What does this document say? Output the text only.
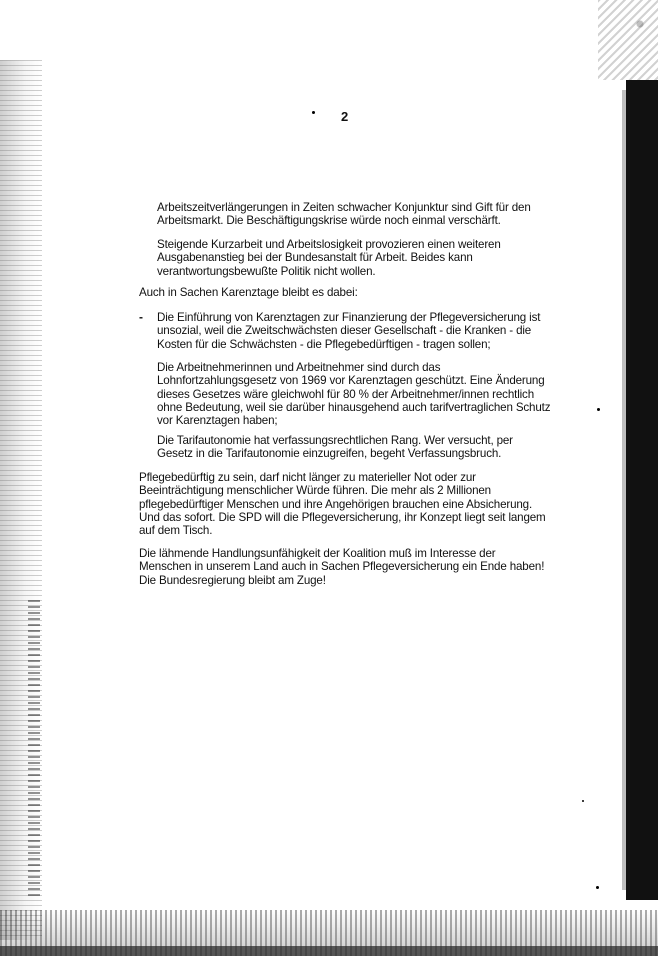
2

Arbeitszeitverlängerungen in Zeiten schwacher Konjunktur sind Gift für den Arbeitsmarkt. Die Beschäftigungskrise würde noch einmal verschärft.

Steigende Kurzarbeit und Arbeitslosigkeit provozieren einen weiteren Ausgabenanstieg bei der Bundesanstalt für Arbeit. Beides kann verantwortungsbewußte Politik nicht wollen.

Auch in Sachen Karenztage bleibt es dabei:

- Die Einführung von Karenztagen zur Finanzierung der Pflegeversicherung ist unsozial, weil die Zweitschwächsten dieser Gesellschaft - die Kranken - die Kosten für die Schwächsten - die Pflegebedürftigen - tragen sollen;

Die Arbeitnehmerinnen und Arbeitnehmer sind durch das Lohnfortzahlungsgesetz von 1969 vor Karenztagen geschützt. Eine Änderung dieses Gesetzes wäre gleichwohl für 80 % der Arbeitnehmer/innen rechtlich ohne Bedeutung, weil sie darüber hinausgehend auch tarifvertraglichen Schutz vor Karenztagen haben;

Die Tarifautonomie hat verfassungsrechtlichen Rang. Wer versucht, per Gesetz in die Tarifautonomie einzugreifen, begeht Verfassungsbruch.

Pflegebedürftig zu sein, darf nicht länger zu materieller Not oder zur Beeinträchtigung menschlicher Würde führen. Die mehr als 2 Millionen pflegebedürftiger Menschen und ihre Angehörigen brauchen eine Absicherung. Und das sofort. Die SPD will die Pflegeversicherung, ihr Konzept liegt seit langem auf dem Tisch.

Die lähmende Handlungsunfähigkeit der Koalition muß im Interesse der Menschen in unserem Land auch in Sachen Pflegeversicherung ein Ende haben! Die Bundesregierung bleibt am Zuge!
